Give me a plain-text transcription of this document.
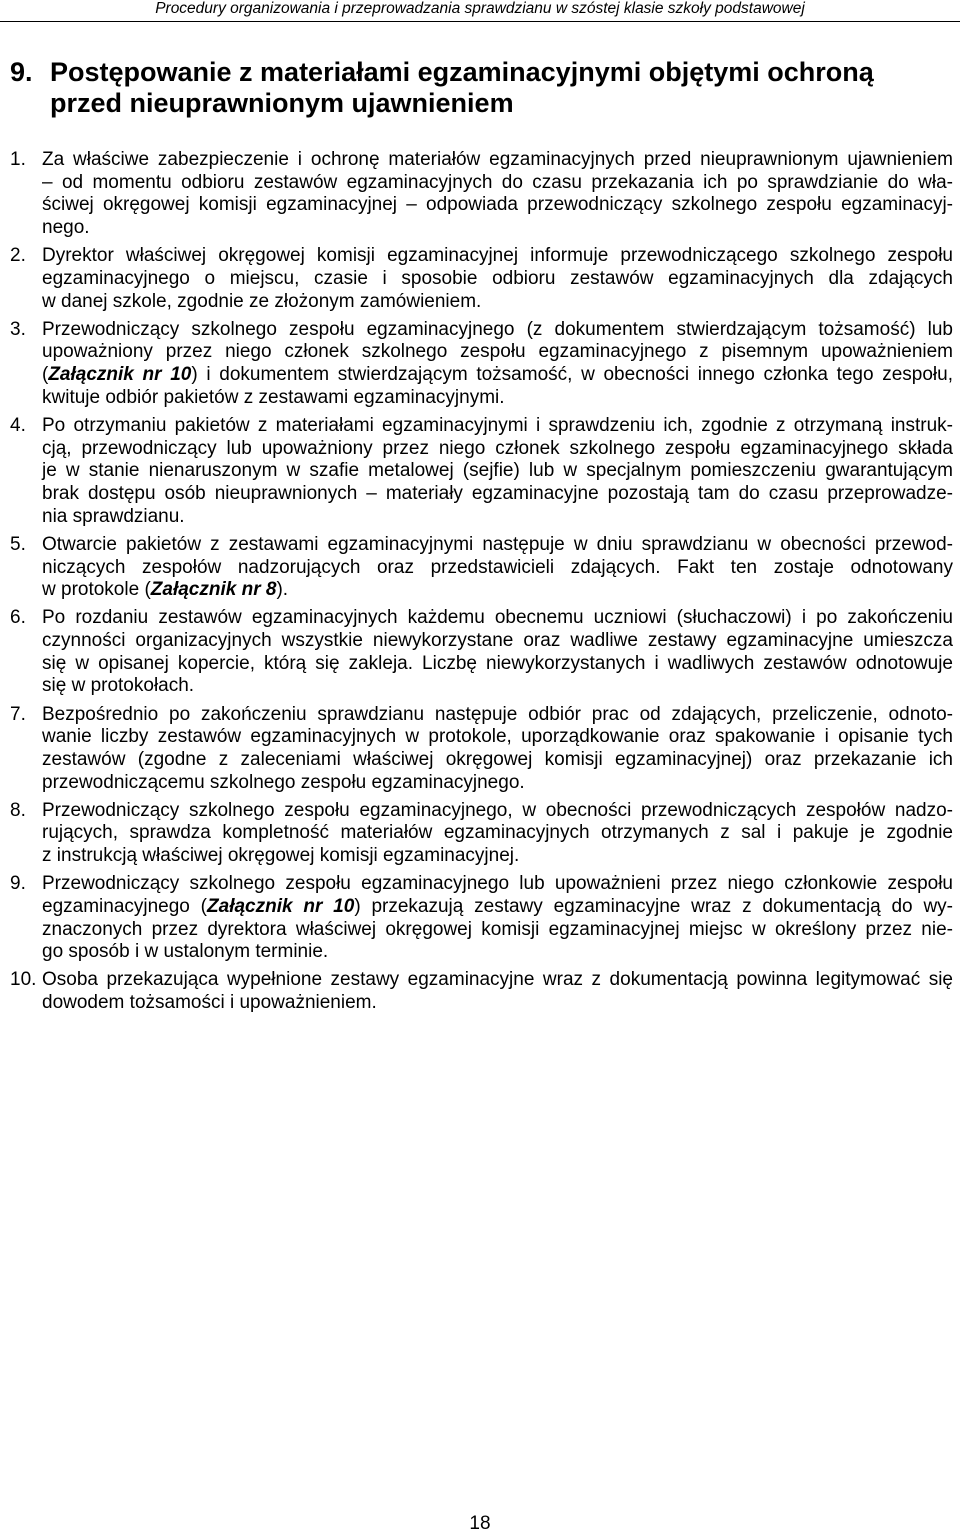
Procedury organizowania i przeprowadzania sprawdzianu w szóstej klasie szkoły podstawowej
9. Postępowanie z materiałami egzaminacyjnymi objętymi ochroną
przed nieuprawnionym ujawnieniem
1. Za właściwe zabezpieczenie i ochronę materiałów egzaminacyjnych przed nieuprawnionym ujawnieniem
– od momentu odbioru zestawów egzaminacyjnych do czasu przekazania ich po sprawdzianie do wła-
ściwej okręgowej komisji egzaminacyjnej – odpowiada przewodniczący szkolnego zespołu egzaminacyj-
nego.
2. Dyrektor właściwej okręgowej komisji egzaminacyjnej informuje przewodniczącego szkolnego zespołu
egzaminacyjnego o miejscu, czasie i sposobie odbioru zestawów egzaminacyjnych dla zdających
w danej szkole, zgodnie ze złożonym zamówieniem.
3. Przewodniczący szkolnego zespołu egzaminacyjnego (z dokumentem stwierdzającym tożsamość) lub
upoważniony przez niego członek szkolnego zespołu egzaminacyjnego z pisemnym upoważnieniem
(Załącznik nr 10) i dokumentem stwierdzającym tożsamość, w obecności innego członka tego zespołu,
kwituje odbiór pakietów z zestawami egzaminacyjnymi.
4. Po otrzymaniu pakietów z materiałami egzaminacyjnymi i sprawdzeniu ich, zgodnie z otrzymaną instruk-
cją, przewodniczący lub upoważniony przez niego członek szkolnego zespołu egzaminacyjnego składa
je w stanie nienaruszonym w szafie metalowej (sejfie) lub w specjalnym pomieszczeniu gwarantującym
brak dostępu osób nieuprawnionych – materiały egzaminacyjne pozostają tam do czasu przeprowadze-
nia sprawdzianu.
5. Otwarcie pakietów z zestawami egzaminacyjnymi następuje w dniu sprawdzianu w obecności przewod-
niczących zespołów nadzorujących oraz przedstawicieli zdających. Fakt ten zostaje odnotowany
w protokole (Załącznik nr 8).
6. Po rozdaniu zestawów egzaminacyjnych każdemu obecnemu uczniowi (słuchaczowi) i po zakończeniu
czynności organizacyjnych wszystkie niewykorzystane oraz wadliwe zestawy egzaminacyjne umieszcza
się w opisanej kopercie, którą się zakleja. Liczbę niewykorzystanych i wadliwych zestawów odnotowuje
się w protokołach.
7. Bezpośrednio po zakończeniu sprawdzianu następuje odbiór prac od zdających, przeliczenie, odnoto-
wanie liczby zestawów egzaminacyjnych w protokole, uporządkowanie oraz spakowanie i opisanie tych
zestawów (zgodne z zaleceniami właściwej okręgowej komisji egzaminacyjnej) oraz przekazanie ich
przewodniczącemu szkolnego zespołu egzaminacyjnego.
8. Przewodniczący szkolnego zespołu egzaminacyjnego, w obecności przewodniczących zespołów nadzo-
rujących, sprawdza kompletność materiałów egzaminacyjnych otrzymanych z sal i pakuje je zgodnie
z instrukcją właściwej okręgowej komisji egzaminacyjnej.
9. Przewodniczący szkolnego zespołu egzaminacyjnego lub upoważnieni przez niego członkowie zespołu
egzaminacyjnego (Załącznik nr 10) przekazują zestawy egzaminacyjne wraz z dokumentacją do wy-
znaczonych przez dyrektora właściwej okręgowej komisji egzaminacyjnej miejsc w określony przez nie-
go sposób i w ustalonym terminie.
10. Osoba przekazująca wypełnione zestawy egzaminacyjne wraz z dokumentacją powinna legitymować się
dowodem tożsamości i upoważnieniem.
18
